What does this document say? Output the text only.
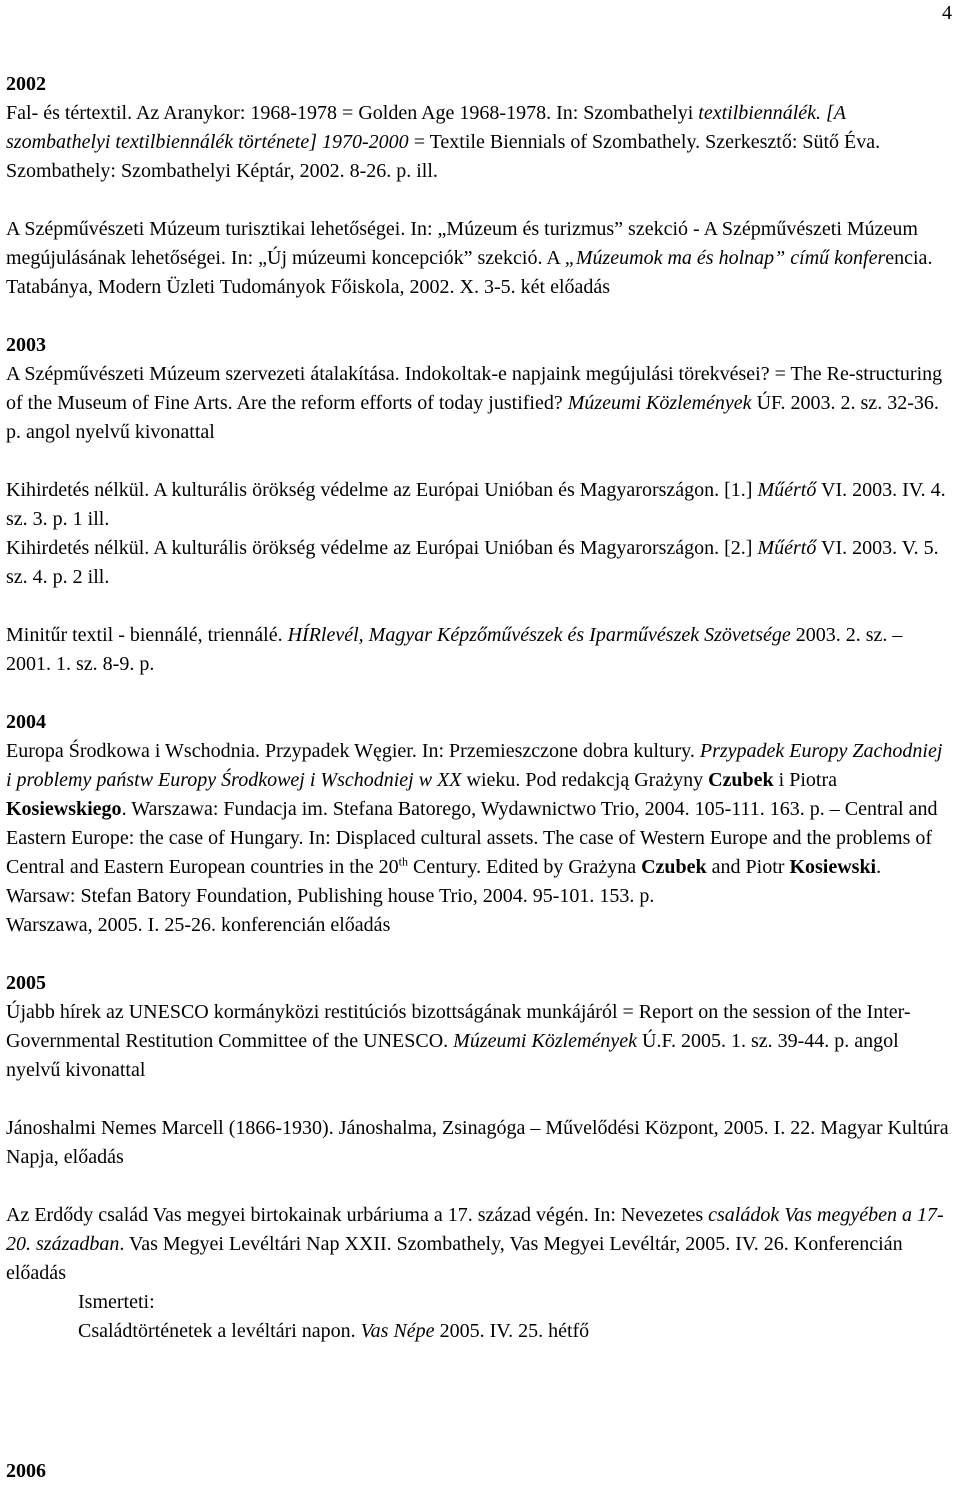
4
2002

Fal- és tértextil. Az Aranykor: 1968-1978 = Golden Age 1968-1978. In: Szombathelyi textilbiennálék. [A szombathelyi textilbiennálék története] 1970-2000 = Textile Biennials of Szombathely. Szerkesztő: Sütő Éva. Szombathely: Szombathelyi Képtár, 2002. 8-26. p. ill.

A Szépművészeti Múzeum turisztikai lehetőségei. In: „Múzeum és turizmus” szekció - A Szépművészeti Múzeum megújulásának lehetőségei. In: „Új múzeumi koncepciók” szekció. A „Múzeumok ma és holnap” című konferencia. Tatabánya, Modern Üzleti Tudományok Főiskola, 2002. X. 3-5. két előadás

2003

A Szépművészeti Múzeum szervezeti átalakítása. Indokoltak-e napjaink megújulási törekvései? = The Re-structuring of the Museum of Fine Arts. Are the reform efforts of today justified? Múzeumi Közlemények ÚF. 2003. 2. sz. 32-36. p. angol nyelvű kivonattal

Kihirdetés nélkül. A kulturális örökség védelme az Európai Unióban és Magyarországon. [1.] Műértő VI. 2003. IV. 4. sz. 3. p. 1 ill.

Kihirdetés nélkül. A kulturális örökség védelme az Európai Unióban és Magyarországon. [2.] Műértő VI. 2003. V. 5. sz. 4. p. 2 ill.

Minitűr textil - biennálé, triennálé. HÍRlevél, Magyar Képzőművészek és Iparművészek Szövetsége 2003. 2. sz. – 2001. 1. sz. 8-9. p.

2004

Europa Środkowa i Wschodnia. Przypadek Węgier. In: Przemieszczone dobra kultury. Przypadek Europy Zachodniej i problemy państw Europy Środkowej i Wschodniej w XX wieku. Pod redakcją Grażyny Czubek i Piotra Kosiewskiego. Warszawa: Fundacja im. Stefana Batorego, Wydawnictwo Trio, 2004. 105-111. 163. p. – Central and Eastern Europe: the case of Hungary. In: Displaced cultural assets. The case of Western Europe and the problems of Central and Eastern European countries in the 20th Century. Edited by Grażyna Czubek and Piotr Kosiewski. Warsaw: Stefan Batory Foundation, Publishing house Trio, 2004. 95-101. 153. p.

Warszawa, 2005. I. 25-26. konferencián előadás

2005

Újabb hírek az UNESCO kormányközi restitúciós bizottságának munkájáról = Report on the session of the Inter-Governmental Restitution Committee of the UNESCO. Múzeumi Közlemények Ú.F. 2005. 1. sz. 39-44. p. angol nyelvű kivonattal

Jánoshalmi Nemes Marcell (1866-1930). Jánoshalma, Zsinagóga – Művelődési Központ, 2005. I. 22. Magyar Kultúra Napja, előadás

Az Erdődy család Vas megyei birtokainak urbáriuma a 17. század végén. In: Nevezetes családok Vas megyében a 17-20. században. Vas Megyei Levéltári Nap XXII. Szombathely, Vas Megyei Levéltár, 2005. IV. 26. Konferencián előadás

Ismerteti:

Családtörténetek a levéltári napon. Vas Népe 2005. IV. 25. hétfő

2006
